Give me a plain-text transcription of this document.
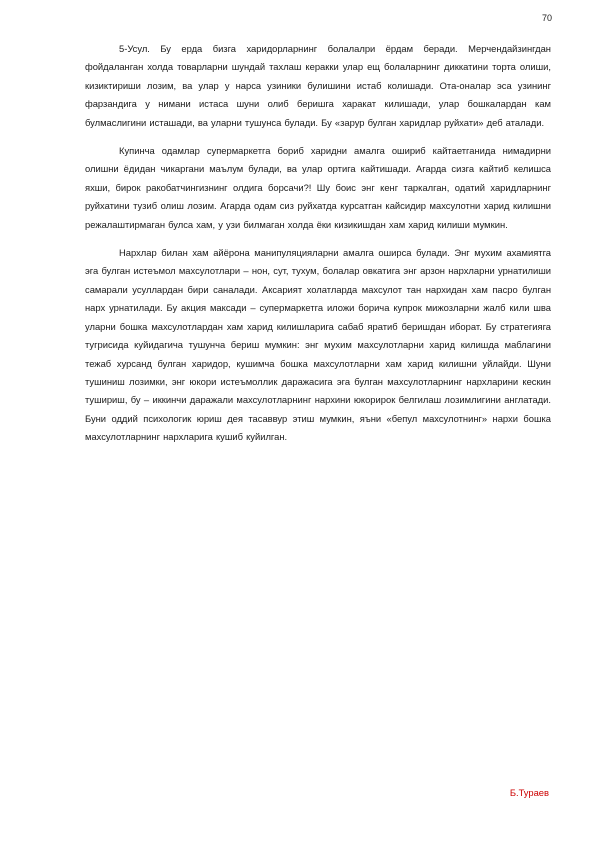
70

5-Усул. Бу ерда бизга харидорларнинг болалалри ёрдам беради. Мерчендайзингдан фойдаланган холда товарларни шундай тахлаш керакки улар ещ болаларнинг диккатини торта олиши, кизиктириши лозим, ва улар у нарса узиники булишини истаб колишади. Ота-оналар эса узининг фарзандига у нимани истаса шуни олиб беришга харакат килишади, улар бошкалардан кам булмаслигини исташади, ва уларни тушунса булади. Бу «зарур булган харидлар руйхати» деб аталади.

Купинча одамлар супермаркетга бориб харидни амалга ошириб кайтаетганида нимадирни олишни ёдидан чикаргани маълум булади, ва улар ортига кайтишади. Агарда сизга кайтиб келишса яхши, бирок ракобатчингизнинг олдига борсачи?! Шу боис энг кенг таркалган, одатий харидларнинг руйхатини тузиб олиш лозим. Агарда одам сиз руйхатда курсатган кайсидир махсулотни харид килишни режалаштирмаган булса хам, у узи билмаган холда ёки кизикишдан хам харид килиши мумкин.

Нархлар билан хам айёрона манипуляцияларни амалга оширса булади. Энг мухим ахамиятга эга булган истеъмол махсулотлари – нон, сут, тухум, болалар овкатига энг арзон нархларни урнатилиши самарали усуллардан бири саналади. Аксарият холатларда махсулот тан нархидан хам пасро булган нарх урнатилади. Бу акция максади – супермаркетга иложи борича купрок мижозларни жалб кили шва уларни бошка махсулотлардан хам харид килишларига сабаб яратиб беришдан иборат. Бу стратегияга тугрисида куйидагича тушунча бериш мумкин: энг мухим махсулотларни харид килишда маблагини тежаб хурсанд булган харидор, кушимча бошка махсулотларни хам харид килишни уйлайди. Шуни тушиниш лозимки, энг юкори истеъмоллик даражасига эга булган махсулотларнинг нархларини кескин тушириш, бу – иккинчи даражали махсулотларнинг нархини юкорирок белгилаш лозимлигини англатади. Буни оддий психологик юриш дея тасаввур этиш мумкин, яъни «бепул махсулотнинг» нархи бошка махсулотларнинг нархларига кушиб куйилган.

Б.Тураев
